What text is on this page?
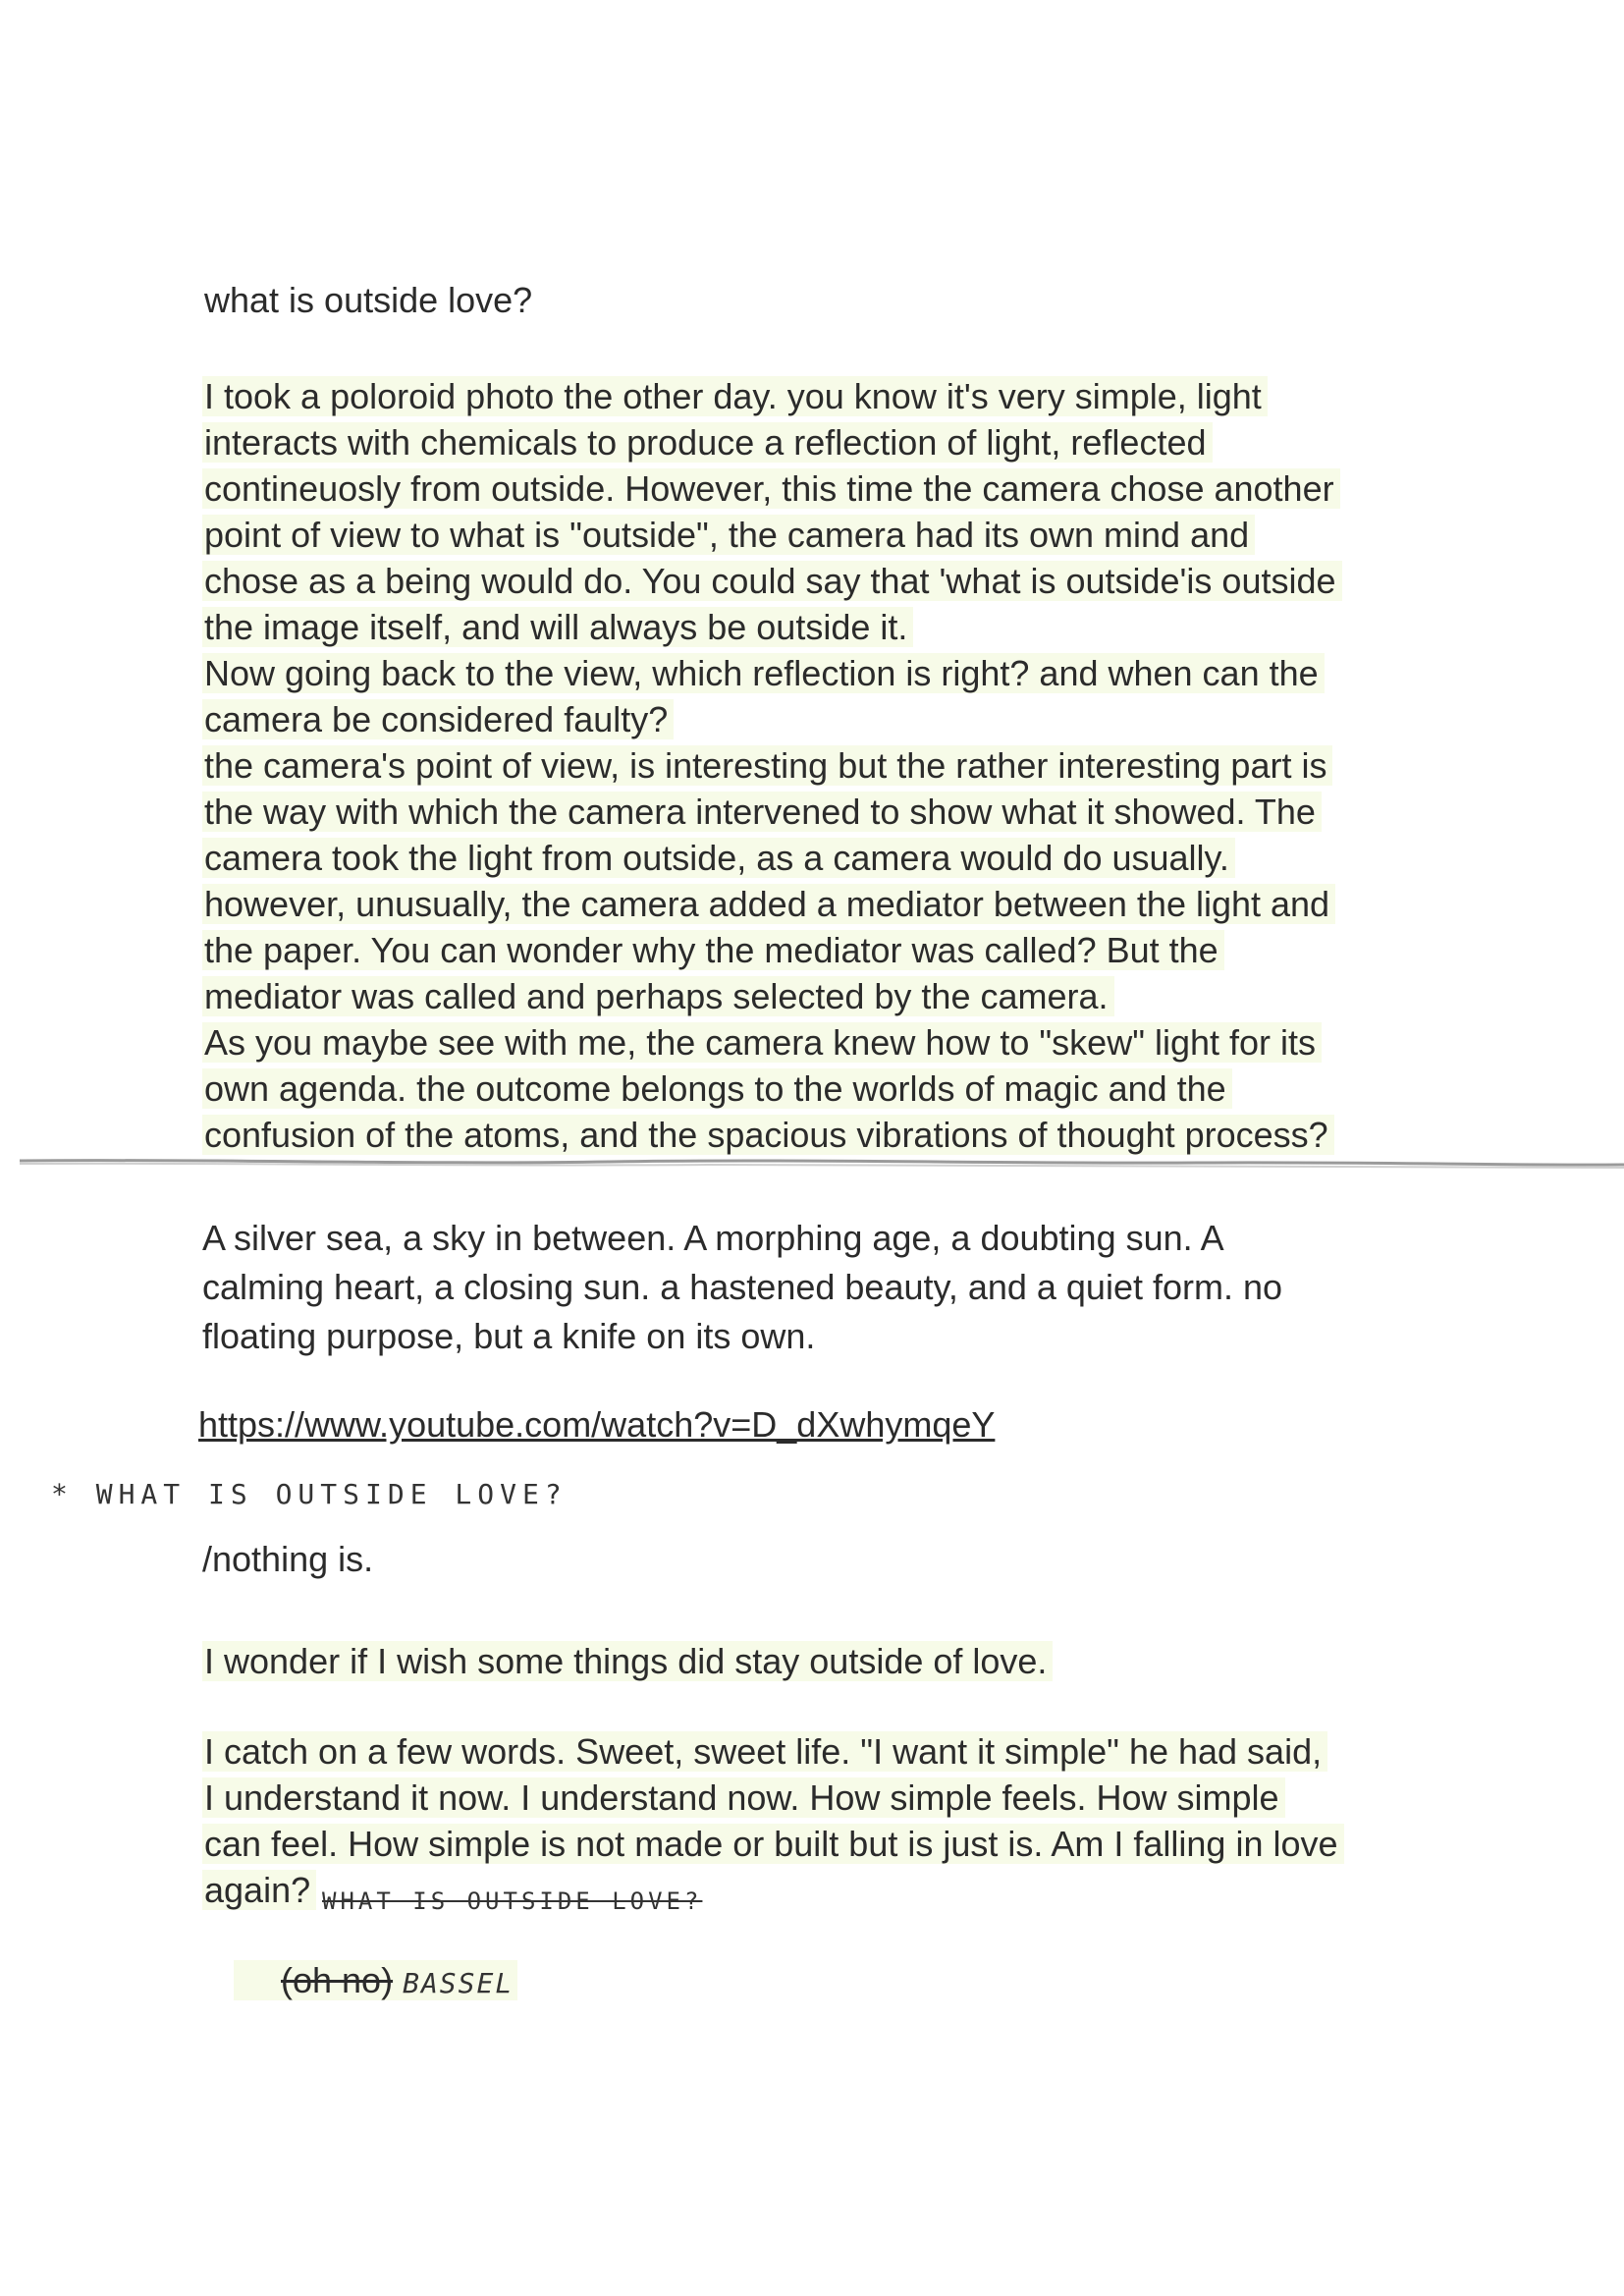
what is outside love?
I took a poloroid photo the other day. you know it's very simple, light
interacts with chemicals to produce a reflection of light, reflected
contineuosly from outside. However, this time the camera chose another
point of view to what is "outside", the camera had its own mind and
chose as a being would do. You could say that 'what is outside'is outside
the image itself, and will always be outside it.
Now going back to the view, which reflection is right? and when can the
camera be considered faulty?
the camera's point of view, is interesting but the rather interesting part is
the way with which the camera intervened to show what it showed. The
camera took the light from outside, as a camera would do usually.
however, unusually, the camera added a mediator between the light and
the paper. You can wonder why the mediator was called? But the
mediator was called and perhaps selected by the camera.
As you maybe see with me, the camera knew how to "skew" light for its
own agenda. the outcome belongs to the worlds of magic and the
confusion of the atoms, and the spacious vibrations of thought process?
A silver sea, a sky in between. A morphing age, a doubting sun. A
calming heart, a closing sun. a hastened beauty, and a quiet form. no
floating purpose, but a knife on its own.
https://www.youtube.com/watch?v=D_dXwhymqeY
* WHAT IS OUTSIDE LOVE?
/nothing is.
I wonder if I wish some things did stay outside of love.
I catch on a few words. Sweet, sweet life. "I want it simple" he had said,
I understand it now. I understand now. How simple feels. How simple
can feel. How simple is not made or built but is just is. Am I falling in love
again? WHAT IS OUTSIDE LOVE?
(oh no) BASSEL
